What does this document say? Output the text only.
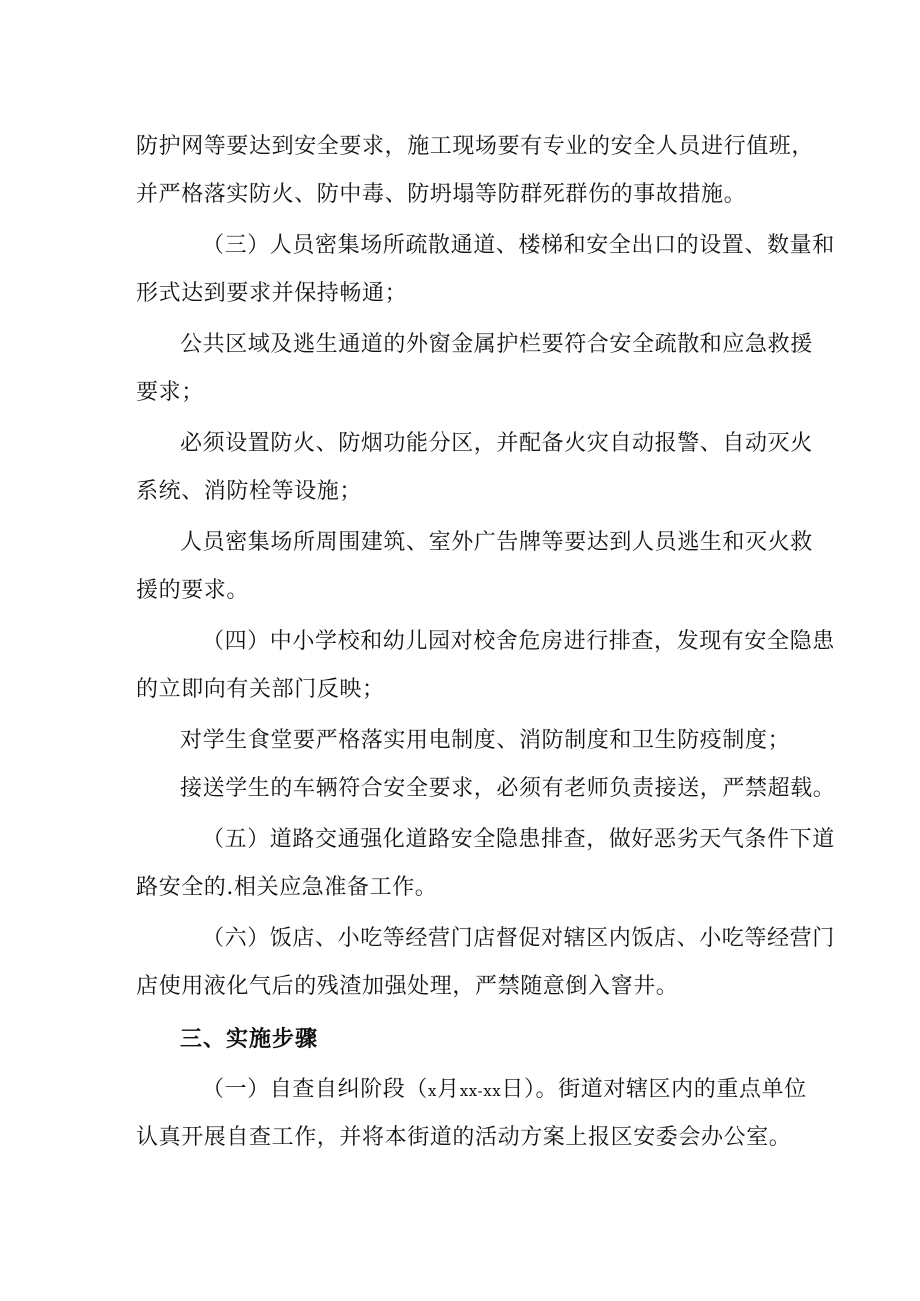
防护网等要达到安全要求，施工现场要有专业的安全人员进行值班，
并严格落实防火、防中毒、防坍塌等防群死群伤的事故措施。
（三）人员密集场所疏散通道、楼梯和安全出口的设置、数量和
形式达到要求并保持畅通；
公共区域及逃生通道的外窗金属护栏要符合安全疏散和应急救援
要求；
必须设置防火、防烟功能分区，并配备火灾自动报警、自动灭火
系统、消防栓等设施；
人员密集场所周围建筑、室外广告牌等要达到人员逃生和灭火救
援的要求。
（四）中小学校和幼儿园对校舍危房进行排查，发现有安全隐患
的立即向有关部门反映；
对学生食堂要严格落实用电制度、消防制度和卫生防疫制度；
接送学生的车辆符合安全要求，必须有老师负责接送，严禁超载。
（五）道路交通强化道路安全隐患排查，做好恶劣天气条件下道
路安全的.相关应急准备工作。
（六）饭店、小吃等经营门店督促对辖区内饭店、小吃等经营门
店使用液化气后的残渣加强处理，严禁随意倒入窨井。
三、实施步骤
（一）自查自纠阶段（x月xx-xx日）。街道对辖区内的重点单位
认真开展自查工作，并将本街道的活动方案上报区安委会办公室。
